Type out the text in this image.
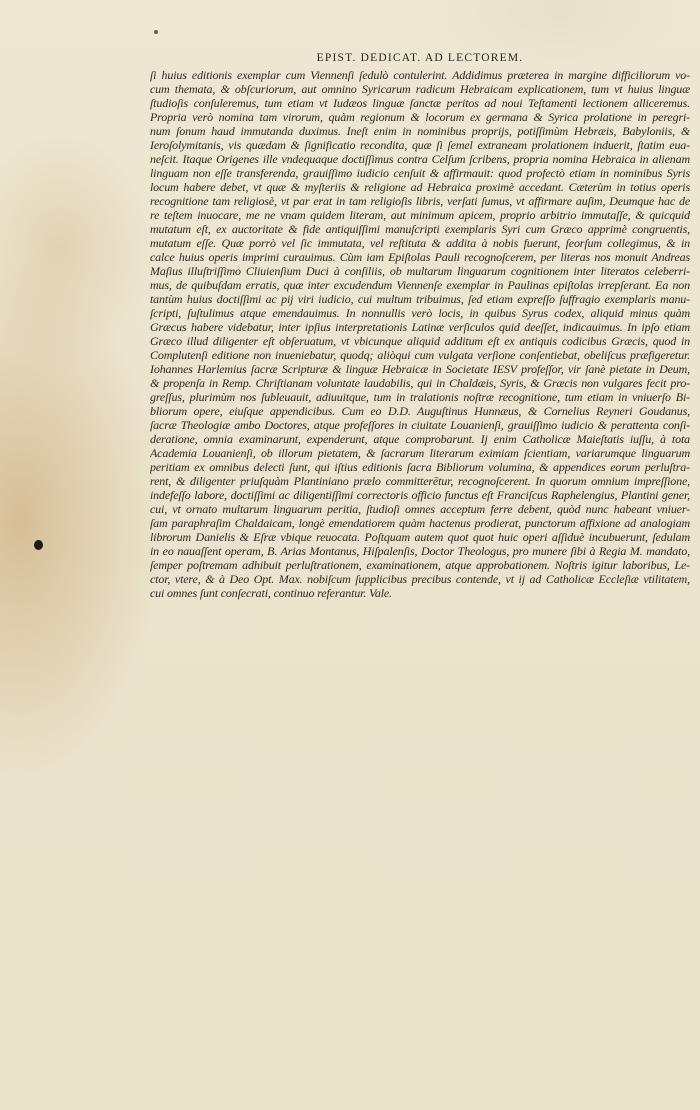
EPIST. DEDICAT. AD LECTOREM.
ſi huius editionis exemplar cum Viennenſi ſedulò contulerint. Addidimus præterea in margine difficiliorum vo-
cum themata, & obſcuriorum, aut omnino Syricarum radicum Hebraicam explicationem, tum vt huius linguæ
ſtudioſis conſuleremus, tum etiam vt Iudæos linguæ ſanctæ peritos ad noui Teſtamenti lectionem alliceremus.
Propria verò nomina tam virorum, quàm regionum & locorum ex germana & Syrica prolatione in peregri-
num ſonum haud immutanda duximus. Ineſt enim in nominibus proprijs, potiſſimùm Hebræis, Babyloniis, &
Ieroſolymitanis, vis quædam & ſignificatio recondita, quæ ſi ſemel extraneam prolationem induerit, ſtatim eua-
neſcit. Itaque Origenes ille vndequaque doctiſſimus contra Celſum ſcribens, propria nomina Hebraica in alienam
linguam non eſſe transferenda, grauiſſimo iudicio cenſuit & affirmauit: quod profectò etiam in nominibus Syris
locum habere debet, vt quæ & myſteriis & religione ad Hebraica proximè accedant. Cæterùm in totius operis
recognitione tam religiosè, vt par erat in tam religioſis libris, verſati ſumus, vt affirmare auſim, Deumque hac de
re teſtem inuocare, me ne vnam quidem literam, aut minimum apicem, proprio arbitrio immutaſſe, & quicquid
mutatum eſt, ex auctoritate & fide antiquiſſimi manuſcripti exemplaris Syri cum Græco apprimè congruentis,
mutatum eſſe. Quæ porrò vel ſic immutata, vel reſtituta & addita à nobis fuerunt, ſeorſum collegimus, & in
calce huius operis imprimi curauimus. Cùm iam Epiſtolas Pauli recognoſcerem, per literas nos monuit Andreas
Maſius illuſtriſſimo Cliuienſium Duci à conſiliis, ob multarum linguarum cognitionem inter literatos celeberri-
mus, de quibuſdam erratis, quæ inter excudendum Viennenſe exemplar in Paulinas epiſtolas irrepſerant. Ea non
tantùm huius doctiſſimi ac pij viri iudicio, cui multum tribuimus, ſed etiam expreſſo ſuffragio exemplaris manu-
ſcripti, ſuſtulimus atque emendauimus. In nonnullis verò locis, in quibus Syrus codex, aliquid minus quàm
Græcus habere videbatur, inter ipſius interpretationis Latinæ verſiculos quid deeſſet, indicauimus. In ipſo etiam
Græco illud diligenter eſt obſeruatum, vt vbicunque aliquid additum eſt ex antiquis codicibus Græcis, quod in
Complutenſi editione non inueniebatur, quodq; aliòqui cum vulgata verſione conſentiebat, obeliſcus præfigeretur.
Iohannes Harlemius ſacræ Scripturæ & linguæ Hebraicæ in Societate IESV profeſſor, vir ſanè pietate in Deum,
& propenſa in Remp. Chriſtianam voluntate laudabilis, qui in Chaldæis, Syris, & Græcis non vulgares fecit pro-
greſſus, plurimùm nos ſubleuauit, adiuuitque, tum in tralationis noſtræ recognitione, tum etiam in vniuerſo Bi-
bliorum opere, eiuſque appendicibus. Cum eo D.D. Auguſtinus Hunnæus, & Cornelius Reyneri Goudanus,
ſacræ Theologiæ ambo Doctores, atque profeſſores in ciuitate Louanienſi, grauiſſimo iudicio & perattenta conſi-
deratione, omnia examinarunt, expenderunt, atque comprobarunt. Ij enim Catholicæ Maieſtatis iuſſu, à tota
Academia Louanienſi, ob illorum pietatem, & ſacrarum literarum eximiam ſcientiam, variarumque linguarum
peritiam ex omnibus delecti ſunt, qui iſtius editionis ſacra Bibliorum volumina, & appendices eorum perluſtra-
rent, & diligenter priuſquàm Plantiniano prælo committerētur, recognoſcerent. In quorum omnium impreſſione,
indefeſſo labore, doctiſſimi ac diligentiſſimi correctoris officio functus eſt Franciſcus Raphelengius, Plantini gener,
cui, vt ornato multarum linguarum peritia, ſtudioſi omnes acceptum ferre debent, quòd nunc habeant vniuer-
ſam paraphraſim Chaldaicam, longè emendatiorem quàm hactenus prodierat, punctorum affixione ad analogiam
librorum Danielis & Eſræ vbique reuocata. Poſtquam autem quot quot huic operi aſſiduè incubuerunt, ſedulam
in eo nauaſſent operam, B. Arias Montanus, Hiſpalenſis, Doctor Theologus, pro munere ſibi à Regia M. mandato,
ſemper poſtremam adhibuit perluſtrationem, examinationem, atque approbationem. Noſtris igitur laboribus, Le-
ctor, vtere, & à Deo Opt. Max. nobiſcum ſupplicibus precibus contende, vt ij ad Catholicæ Eccleſiæ vtilitatem,
cui omnes ſunt conſecrati, continuo referantur. Vale.
